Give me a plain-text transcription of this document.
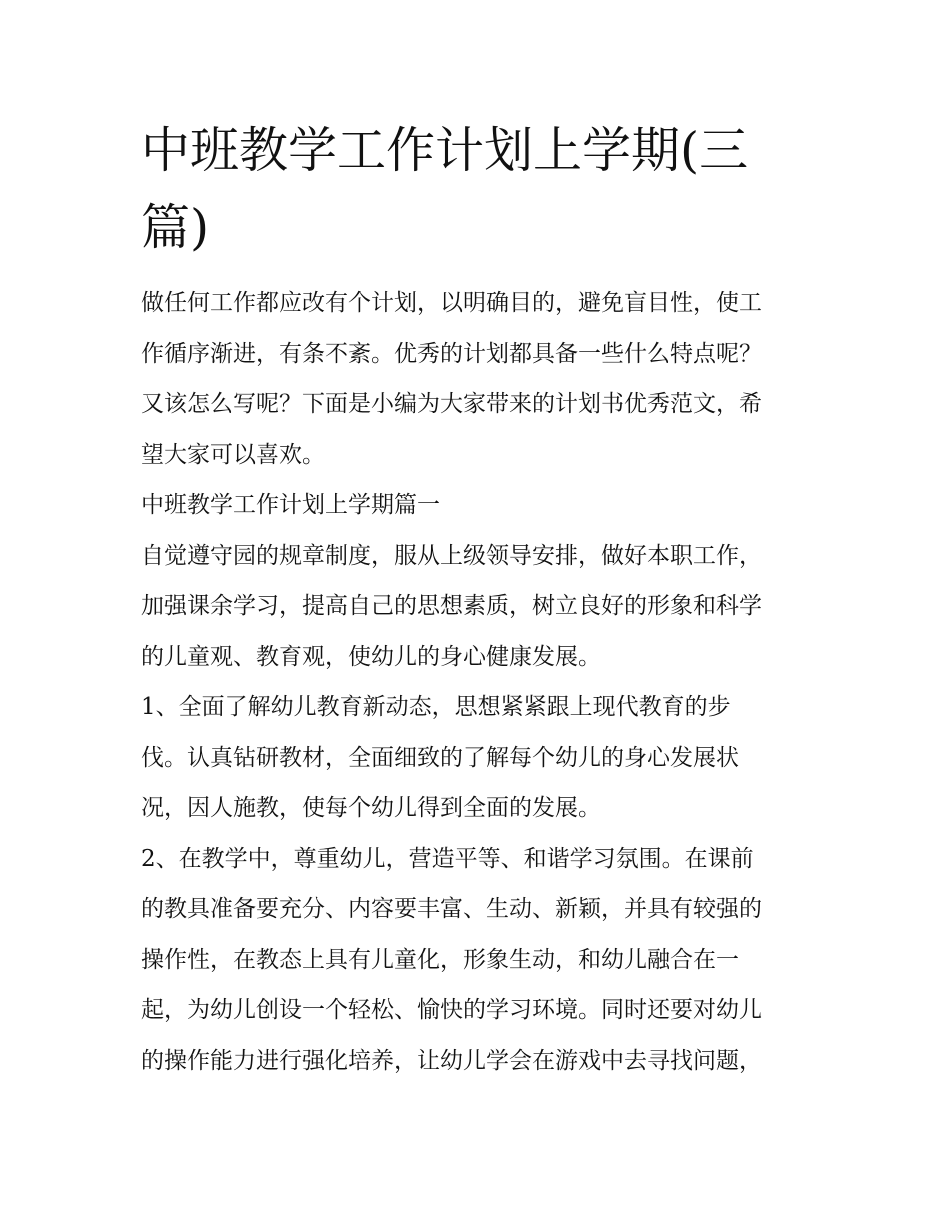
中班教学工作计划上学期(三
篇)
做任何工作都应改有个计划，以明确目的，避免盲目性，使工
作循序渐进，有条不紊。优秀的计划都具备一些什么特点呢？
又该怎么写呢？下面是小编为大家带来的计划书优秀范文，希
望大家可以喜欢。
中班教学工作计划上学期篇一
自觉遵守园的规章制度，服从上级领导安排，做好本职工作，
加强课余学习，提高自己的思想素质，树立良好的形象和科学
的儿童观、教育观，使幼儿的身心健康发展。
1、全面了解幼儿教育新动态，思想紧紧跟上现代教育的步
伐。认真钻研教材，全面细致的了解每个幼儿的身心发展状
况，因人施教，使每个幼儿得到全面的发展。
2、在教学中，尊重幼儿，营造平等、和谐学习氛围。在课前
的教具准备要充分、内容要丰富、生动、新颖，并具有较强的
操作性，在教态上具有儿童化，形象生动，和幼儿融合在一
起，为幼儿创设一个轻松、愉快的学习环境。同时还要对幼儿
的操作能力进行强化培养，让幼儿学会在游戏中去寻找问题，
